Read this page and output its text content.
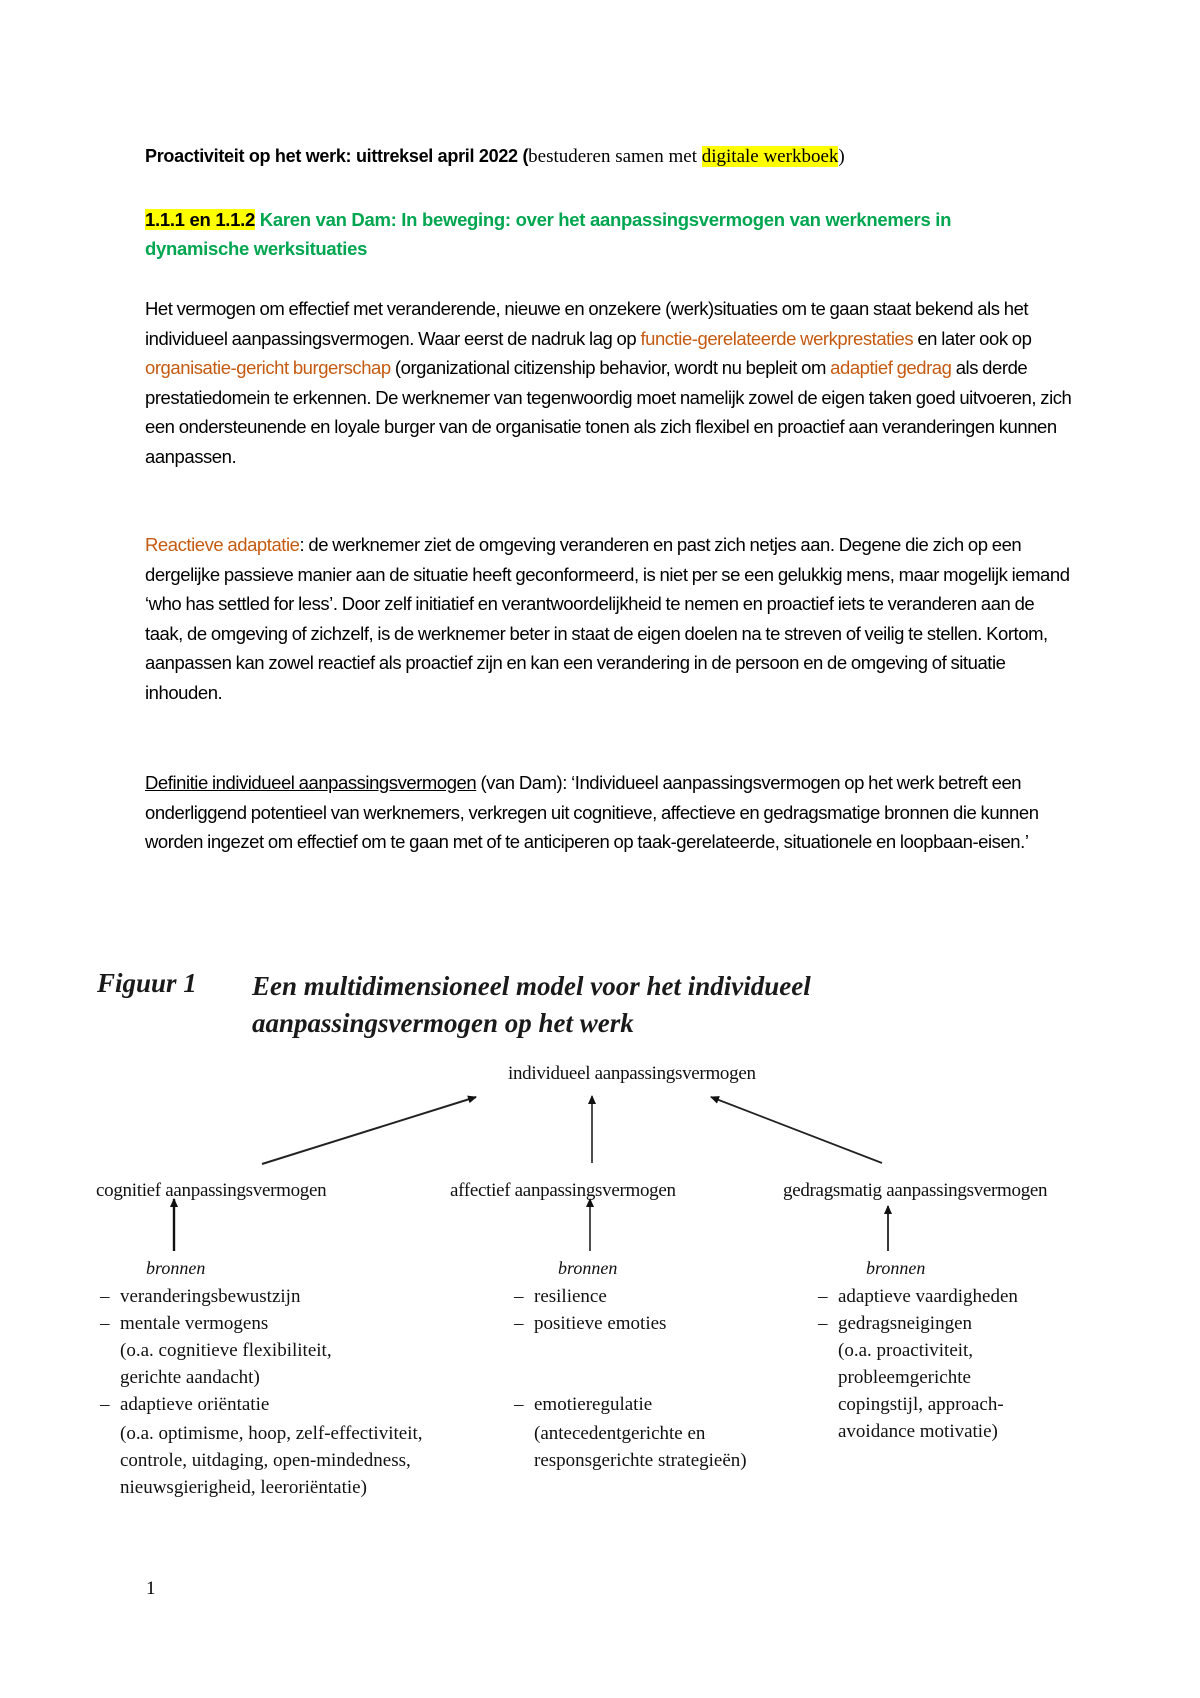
Proactiviteit op het werk: uittreksel april 2022 (bestuderen samen met digitale werkboek)
1.1.1 en 1.1.2 Karen van Dam: In beweging: over het aanpassingsvermogen van werknemers in dynamische werksituaties
Het vermogen om effectief met veranderende, nieuwe en onzekere (werk)situaties om te gaan staat bekend als het individueel aanpassingsvermogen. Waar eerst de nadruk lag op functie-gerelateerde werkprestaties en later ook op organisatie-gericht burgerschap (organizational citizenship behavior, wordt nu bepleit om adaptief gedrag als derde prestatiedomein te erkennen. De werknemer van tegenwoordig moet namelijk zowel de eigen taken goed uitvoeren, zich een ondersteunende en loyale burger van de organisatie tonen als zich flexibel en proactief aan veranderingen kunnen aanpassen.
Reactieve adaptatie: de werknemer ziet de omgeving veranderen en past zich netjes aan. Degene die zich op een dergelijke passieve manier aan de situatie heeft geconformeerd, is niet per se een gelukkig mens, maar mogelijk iemand ‘who has settled for less’. Door zelf initiatief en verantwoordelijkheid te nemen en proactief iets te veranderen aan de taak, de omgeving of zichzelf, is de werknemer beter in staat de eigen doelen na te streven of veilig te stellen. Kortom, aanpassen kan zowel reactief als proactief zijn en kan een verandering in de persoon en de omgeving of situatie inhouden.
Definitie individueel aanpassingsvermogen (van Dam): ‘Individueel aanpassingsvermogen op het werk betreft een onderliggend potentieel van werknemers, verkregen uit cognitieve, affectieve en gedragsmatige bronnen die kunnen worden ingezet om effectief om te gaan met of te anticiperen op taak-gerelateerde, situationele en loopbaan-eisen.’
Figuur 1 Een multidimensioneel model voor het individueel aanpassingsvermogen op het werk
individueel aanpassingsvermogen
cognitief aanpassingsvermogen	affectief aanpassingsvermogen	gedragsmatig aanpassingsvermogen
bronnen
– veranderingsbewustzijn
– mentale vermogens
(o.a. cognitieve flexibiliteit,
gerichte aandacht)
– adaptieve oriëntatie
(o.a. optimisme, hoop, zelf-effectiviteit,
controle, uitdaging, open-mindedness,
nieuwsgierigheid, leeroriëntatie)
bronnen
– resilience
– positieve emoties
– emotieregulatie
(antecedentgerichte en
responsgerichte strategieën)
bronnen
– adaptieve vaardigheden
– gedragsneigingen
(o.a. proactiviteit,
probleemgerichte
copingstijl, approach-
avoidance motivatie)
1
